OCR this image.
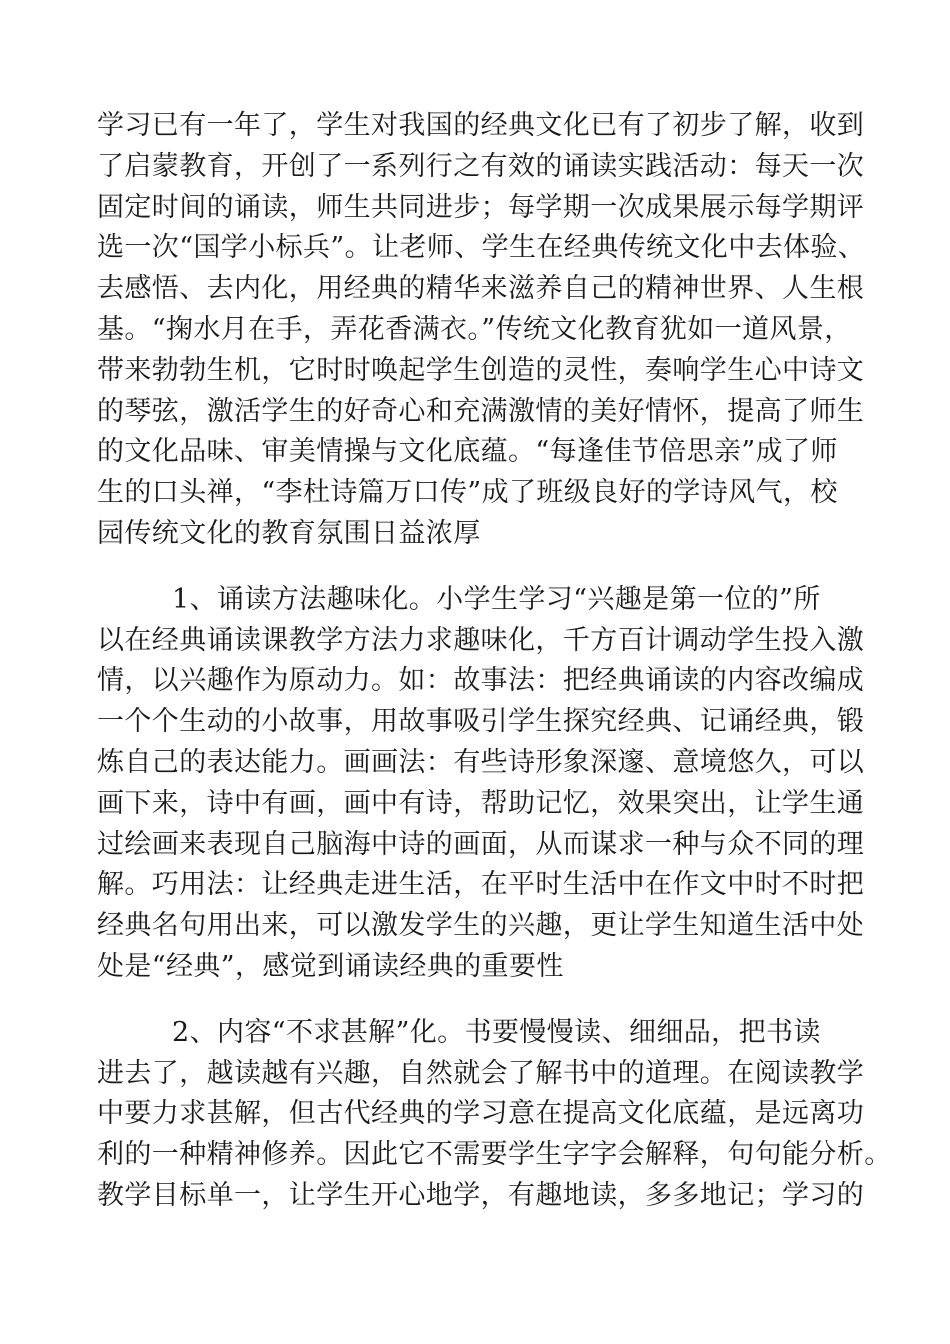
学习已有一年了，学生对我国的经典文化已有了初步了解，收到
了启蒙教育，开创了一系列行之有效的诵读实践活动：每天一次
固定时间的诵读，师生共同进步；每学期一次成果展示每学期评
选一次“国学小标兵”。让老师、学生在经典传统文化中去体验、
去感悟、去内化，用经典的精华来滋养自己的精神世界、人生根
基。“掬水月在手，弄花香满衣。”传统文化教育犹如一道风景，
带来勃勃生机，它时时唤起学生创造的灵性，奏响学生心中诗文
的琴弦，激活学生的好奇心和充满激情的美好情怀，提高了师生
的文化品味、审美情操与文化底蕴。“每逢佳节倍思亲”成了师
生的口头禅，“李杜诗篇万口传”成了班级良好的学诗风气，校
园传统文化的教育氛围日益浓厚
1、诵读方法趣味化。小学生学习“兴趣是第一位的”所
以在经典诵读课教学方法力求趣味化，千方百计调动学生投入激
情，以兴趣作为原动力。如：故事法：把经典诵读的内容改编成
一个个生动的小故事，用故事吸引学生探究经典、记诵经典，锻
炼自己的表达能力。画画法：有些诗形象深邃、意境悠久，可以
画下来，诗中有画，画中有诗，帮助记忆，效果突出，让学生通
过绘画来表现自己脑海中诗的画面，从而谋求一种与众不同的理
解。巧用法：让经典走进生活，在平时生活中在作文中时不时把
经典名句用出来，可以激发学生的兴趣，更让学生知道生活中处
处是“经典”，感觉到诵读经典的重要性
2、内容“不求甚解”化。书要慢慢读、细细品，把书读
进去了，越读越有兴趣，自然就会了解书中的道理。在阅读教学
中要力求甚解，但古代经典的学习意在提高文化底蕴，是远离功
利的一种精神修养。因此它不需要学生字字会解释，句句能分析。
教学目标单一，让学生开心地学，有趣地读，多多地记；学习的
